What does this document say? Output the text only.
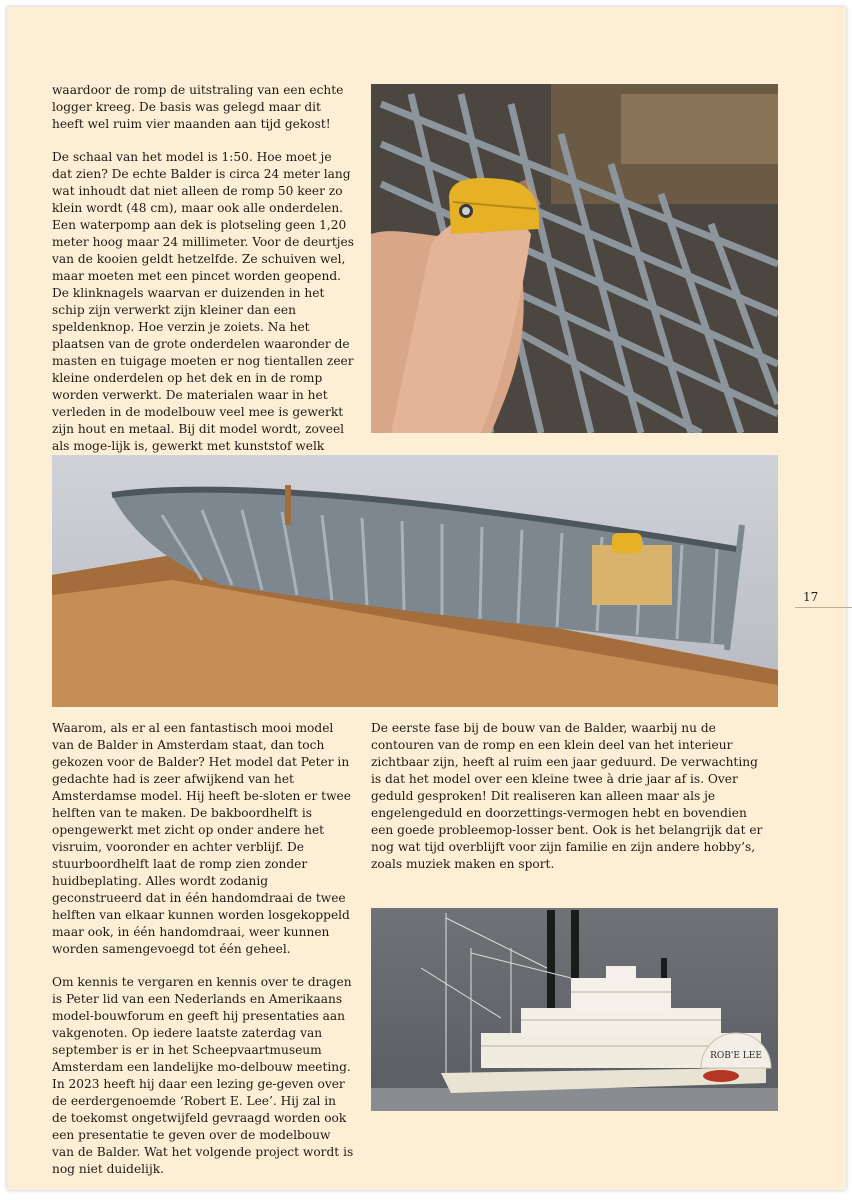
waardoor de romp de uitstraling van een echte logger kreeg. De basis was gelegd maar dit heeft wel ruim vier maanden aan tijd gekost!

De schaal van het model is 1:50. Hoe moet je dat zien? De echte Balder is circa 24 meter lang wat inhoudt dat niet alleen de romp 50 keer zo klein wordt (48 cm), maar ook alle onderdelen. Een waterpomp aan dek is plotseling geen 1,20 meter hoog maar 24 millimeter. Voor de deurtjes van de kooien geldt hetzelfde. Ze schuiven wel, maar moeten met een pincet worden geopend. De klinknagels waarvan er duizenden in het schip zijn verwerkt zijn kleiner dan een speldenknop. Hoe verzin je zoiets. Na het plaatsen van de grote onderdelen waaronder de masten en tuigage moeten er nog tientallen zeer kleine onderdelen op het dek en in de romp worden verwerkt. De materialen waar in het verleden in de modelbouw veel mee is gewerkt zijn hout en metaal. Bij dit model wordt, zoveel als moge-lijk is, gewerkt met kunststof welk

Waarom, als er al een fantastisch mooi model van de Balder in Amsterdam staat, dan toch gekozen voor de Balder? Het model dat Peter in gedachte had is zeer afwijkend van het Amsterdamse model. Hij heeft be-sloten er twee helften van te maken. De bakboordhelft is opengewerkt met zicht op onder andere het visruim, vooronder en achter verblijf. De stuurboordhelft laat de romp zien zonder huidbeplating. Alles wordt zodanig geconstrueerd dat in één handomdraai de twee helften van elkaar kunnen worden losgekoppeld maar ook, in één handomdraai, weer kunnen worden samengevoegd tot één geheel.

Om kennis te vergaren en kennis over te dragen is Peter lid van een Nederlands en Amerikaans model-bouwforum en geeft hij presentaties aan vakgenoten. Op iedere laatste zaterdag van september is er in het Scheepvaartmuseum Amsterdam een landelijke mo-delbouw meeting. In 2023 heeft hij daar een lezing ge-geven over de eerdergenoemde ‘Robert E. Lee’. Hij zal in de toekomst ongetwijfeld gevraagd worden ook een presentatie te geven over de modelbouw van de Balder. Wat het volgende project wordt is nog niet duidelijk.

De eerste fase bij de bouw van de Balder, waarbij nu de contouren van de romp en een klein deel van het interieur zichtbaar zijn, heeft al ruim een jaar geduurd. De verwachting is dat het model over een kleine twee à drie jaar af is. Over geduld gesproken! Dit realiseren kan alleen maar als je engelengeduld en doorzettings-vermogen hebt en bovendien een goede probleemop-losser bent. Ook is het belangrijk dat er nog wat tijd overblijft voor zijn familie en zijn andere hobby’s, zoals muziek maken en sport.

ROB'E LEE
17
